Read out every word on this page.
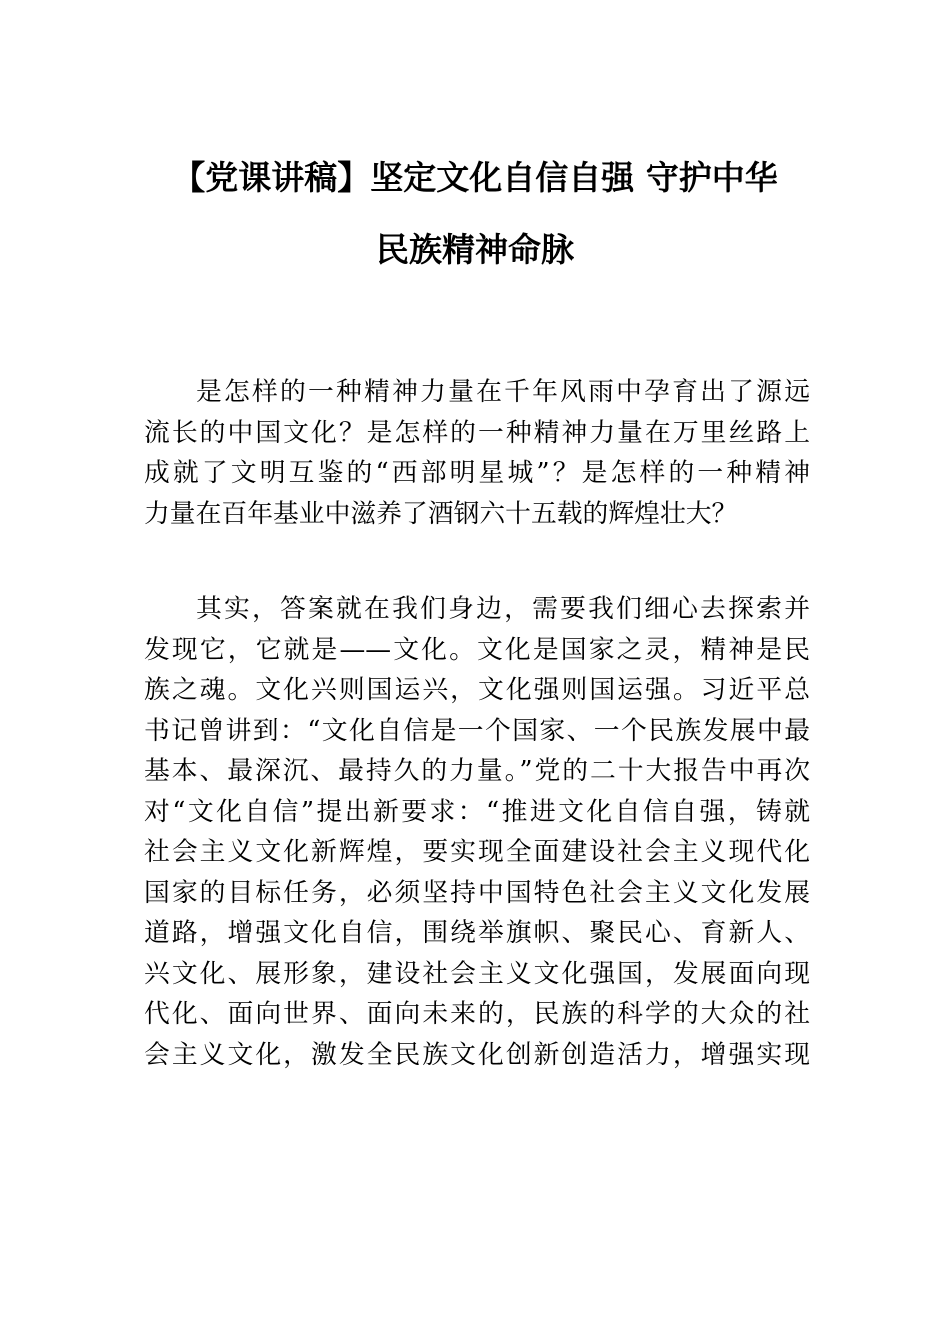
【党课讲稿】坚定文化自信自强 守护中华
民族精神命脉
是怎样的一种精神力量在千年风雨中孕育出了源远
流长的中国文化？是怎样的一种精神力量在万里丝路上
成就了文明互鉴的“西部明星城”？是怎样的一种精神
力量在百年基业中滋养了酒钢六十五载的辉煌壮大？
其实，答案就在我们身边，需要我们细心去探索并
发现它，它就是——文化。文化是国家之灵，精神是民
族之魂。文化兴则国运兴，文化强则国运强。习近平总
书记曾讲到：“文化自信是一个国家、一个民族发展中最
基本、最深沉、最持久的力量。”党的二十大报告中再次
对“文化自信”提出新要求：“推进文化自信自强，铸就
社会主义文化新辉煌，要实现全面建设社会主义现代化
国家的目标任务，必须坚持中国特色社会主义文化发展
道路，增强文化自信，围绕举旗帜、聚民心、育新人、
兴文化、展形象，建设社会主义文化强国，发展面向现
代化、面向世界、面向未来的，民族的科学的大众的社
会主义文化，激发全民族文化创新创造活力，增强实现
